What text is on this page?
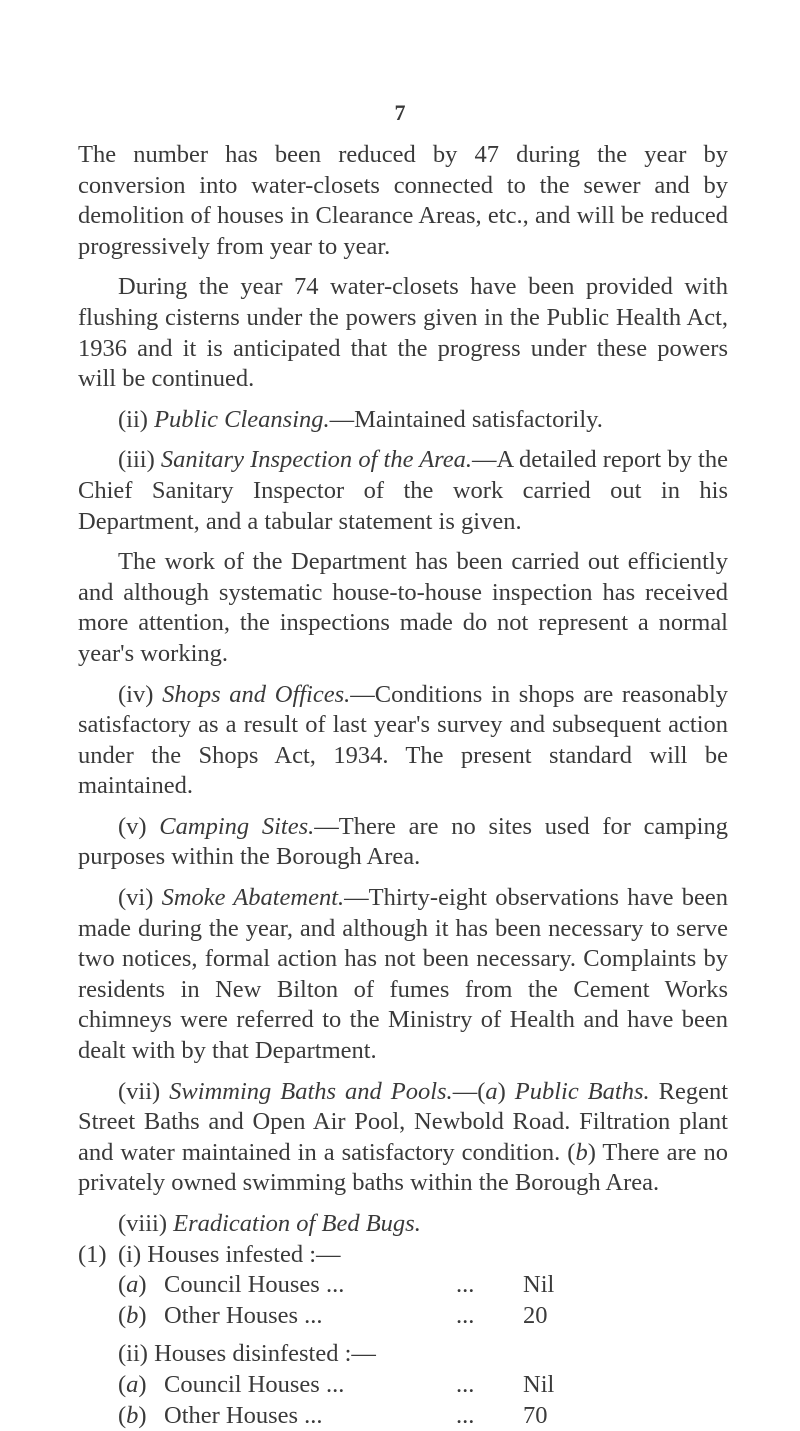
7

The number has been reduced by 47 during the year by conversion into water-closets connected to the sewer and by demolition of houses in Clearance Areas, etc., and will be reduced progressively from year to year.

During the year 74 water-closets have been provided with flushing cisterns under the powers given in the Public Health Act, 1936 and it is anticipated that the progress under these powers will be continued.

(ii) Public Cleansing.—Maintained satisfactorily.

(iii) Sanitary Inspection of the Area.—A detailed report by the Chief Sanitary Inspector of the work carried out in his Department, and a tabular statement is given.

The work of the Department has been carried out efficiently and although systematic house-to-house inspection has received more attention, the inspections made do not represent a normal year's working.

(iv) Shops and Offices.—Conditions in shops are reasonably satisfactory as a result of last year's survey and subsequent action under the Shops Act, 1934. The present standard will be maintained.

(v) Camping Sites.—There are no sites used for camping purposes within the Borough Area.

(vi) Smoke Abatement.—Thirty-eight observations have been made during the year, and although it has been necessary to serve two notices, formal action has not been necessary. Complaints by residents in New Bilton of fumes from the Cement Works chimneys were referred to the Ministry of Health and have been dealt with by that Department.

(vii) Swimming Baths and Pools.—(a) Public Baths. Regent Street Baths and Open Air Pool, Newbold Road. Filtration plant and water maintained in a satisfactory condition. (b) There are no privately owned swimming baths within the Borough Area.

(viii) Eradication of Bed Bugs.
(1) (i) Houses infested :—
(a) Council Houses ...	... Nil
(b) Other Houses ...	... 20
(ii) Houses disinfested :—
(a) Council Houses ...	... Nil
(b) Other Houses ...	... 70
